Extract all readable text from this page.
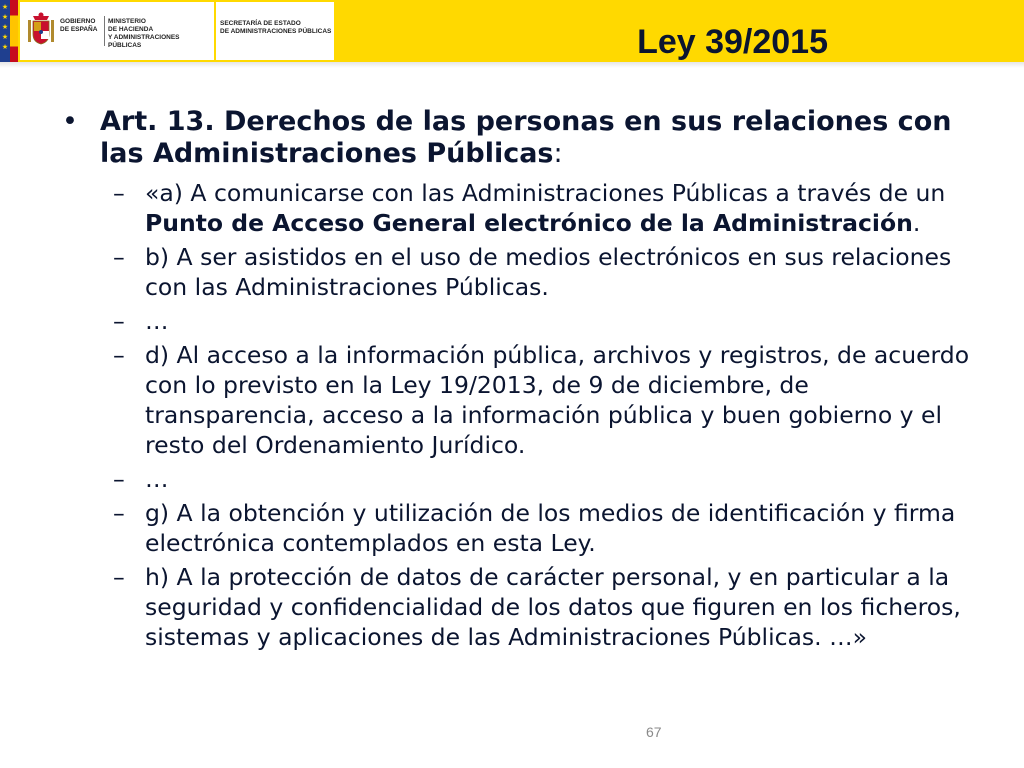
★
★
★
★
★
GOBIERNO
DE ESPAÑA
MINISTERIO
DE HACIENDA
Y ADMINISTRACIONES PÚBLICAS
SECRETARÍA DE ESTADO
DE ADMINISTRACIONES PÚBLICAS	Ley 39/2015
• Art. 13. Derechos de las personas en sus relaciones con las Administraciones Públicas:
– «a) A comunicarse con las Administraciones Públicas a través de un Punto de Acceso General electrónico de la Administración.
– b) A ser asistidos en el uso de medios electrónicos en sus relaciones con las Administraciones Públicas.
– …
– d) Al acceso a la información pública, archivos y registros, de acuerdo con lo previsto en la Ley 19/2013, de 9 de diciembre, de transparencia, acceso a la información pública y buen gobierno y el resto del Ordenamiento Jurídico.
– …
– g) A la obtención y utilización de los medios de identificación y firma electrónica contemplados en esta Ley.
– h) A la protección de datos de carácter personal, y en particular a la seguridad y confidencialidad de los datos que figuren en los ficheros, sistemas y aplicaciones de las Administraciones Públicas. …»
67
